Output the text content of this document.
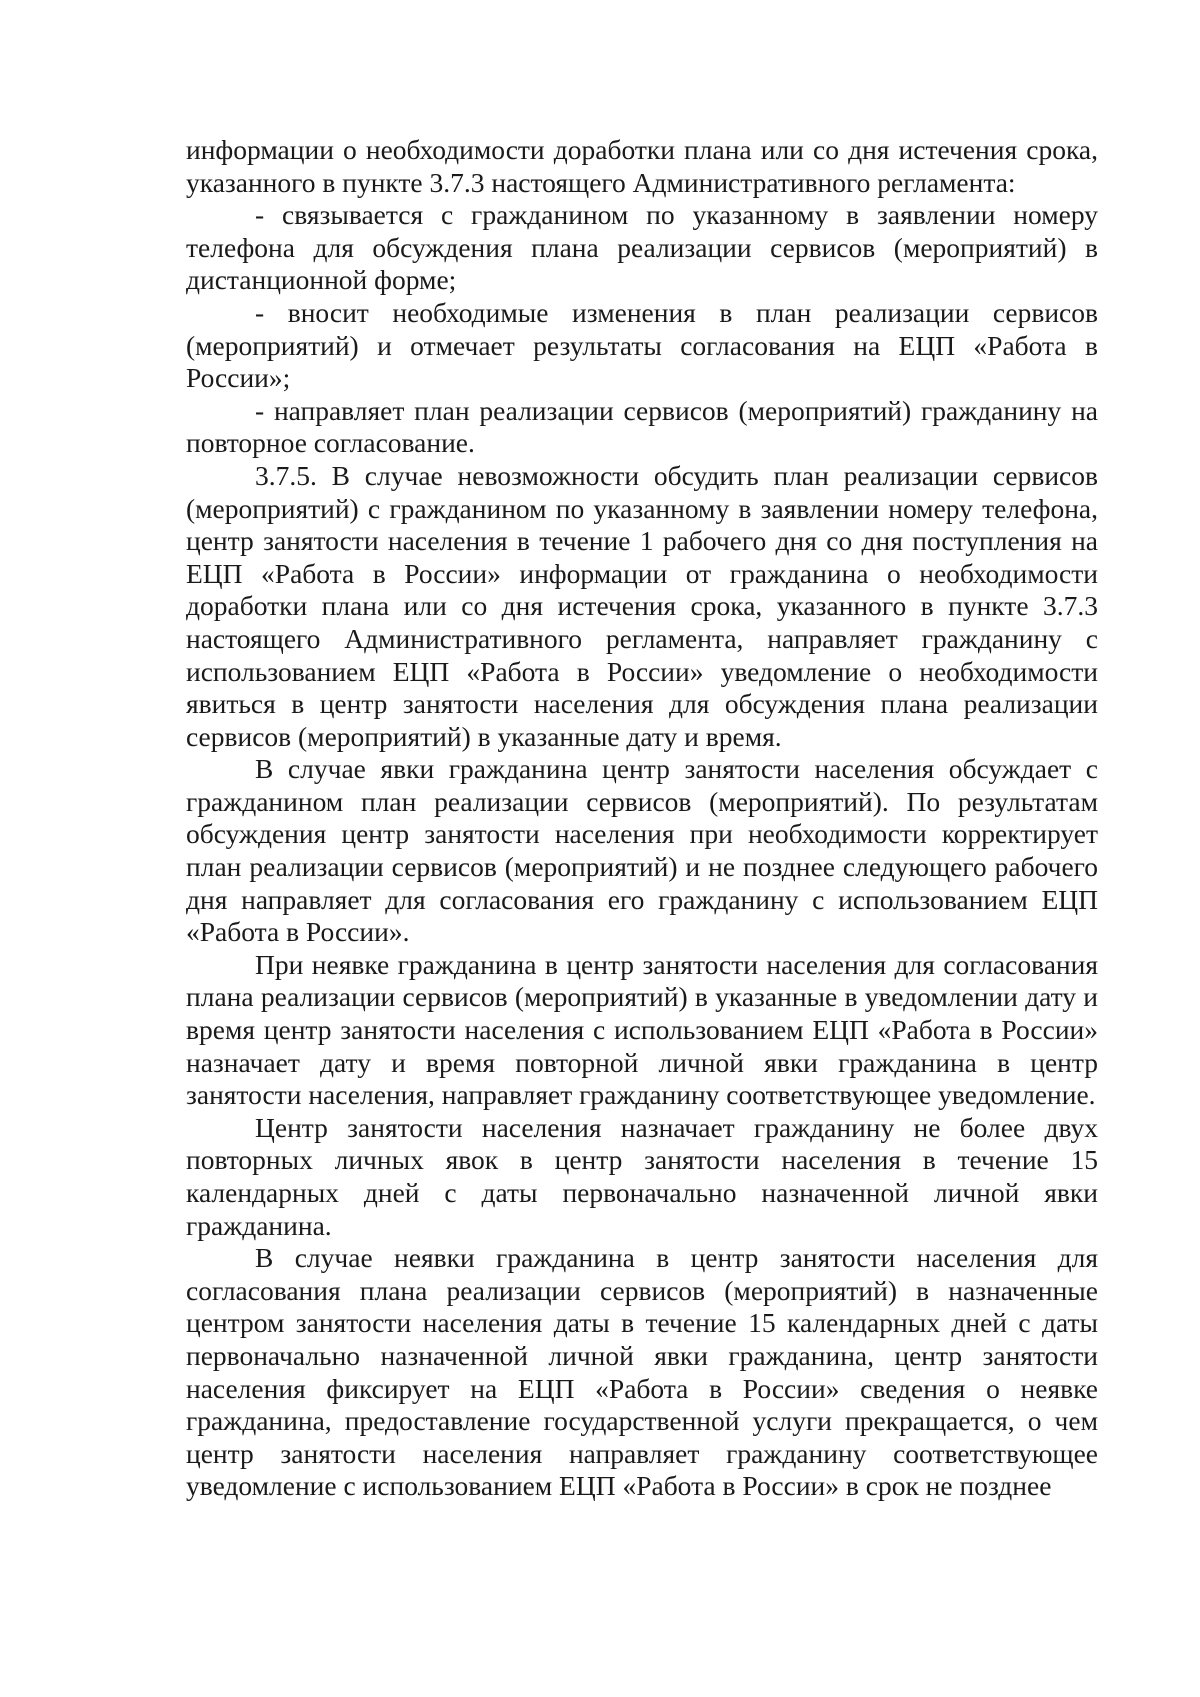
информации о необходимости доработки плана или со дня истечения срока, указанного в пункте 3.7.3 настоящего Административного регламента:

- связывается с гражданином по указанному в заявлении номеру телефона для обсуждения плана реализации сервисов (мероприятий) в дистанционной форме;

- вносит необходимые изменения в план реализации сервисов (мероприятий) и отмечает результаты согласования на ЕЦП «Работа в России»;

- направляет план реализации сервисов (мероприятий) гражданину на повторное согласование.

3.7.5. В случае невозможности обсудить план реализации сервисов (мероприятий) с гражданином по указанному в заявлении номеру телефона, центр занятости населения в течение 1 рабочего дня со дня поступления на ЕЦП «Работа в России» информации от гражданина о необходимости доработки плана или со дня истечения срока, указанного в пункте 3.7.3 настоящего Административного регламента, направляет гражданину с использованием ЕЦП «Работа в России» уведомление о необходимости явиться в центр занятости населения для обсуждения плана реализации сервисов (мероприятий) в указанные дату и время.

В случае явки гражданина центр занятости населения обсуждает с гражданином план реализации сервисов (мероприятий). По результатам обсуждения центр занятости населения при необходимости корректирует план реализации сервисов (мероприятий) и не позднее следующего рабочего дня направляет для согласования его гражданину с использованием ЕЦП «Работа в России».

При неявке гражданина в центр занятости населения для согласования плана реализации сервисов (мероприятий) в указанные в уведомлении дату и время центр занятости населения с использованием ЕЦП «Работа в России» назначает дату и время повторной личной явки гражданина в центр занятости населения, направляет гражданину соответствующее уведомление.

Центр занятости населения назначает гражданину не более двух повторных личных явок в центр занятости населения в течение 15 календарных дней с даты первоначально назначенной личной явки гражданина.

В случае неявки гражданина в центр занятости населения для согласования плана реализации сервисов (мероприятий) в назначенные центром занятости населения даты в течение 15 календарных дней с даты первоначально назначенной личной явки гражданина, центр занятости населения фиксирует на ЕЦП «Работа в России» сведения о неявке гражданина, предоставление государственной услуги прекращается, о чем центр занятости населения направляет гражданину соответствующее уведомление с использованием ЕЦП «Работа в России» в срок не позднее
